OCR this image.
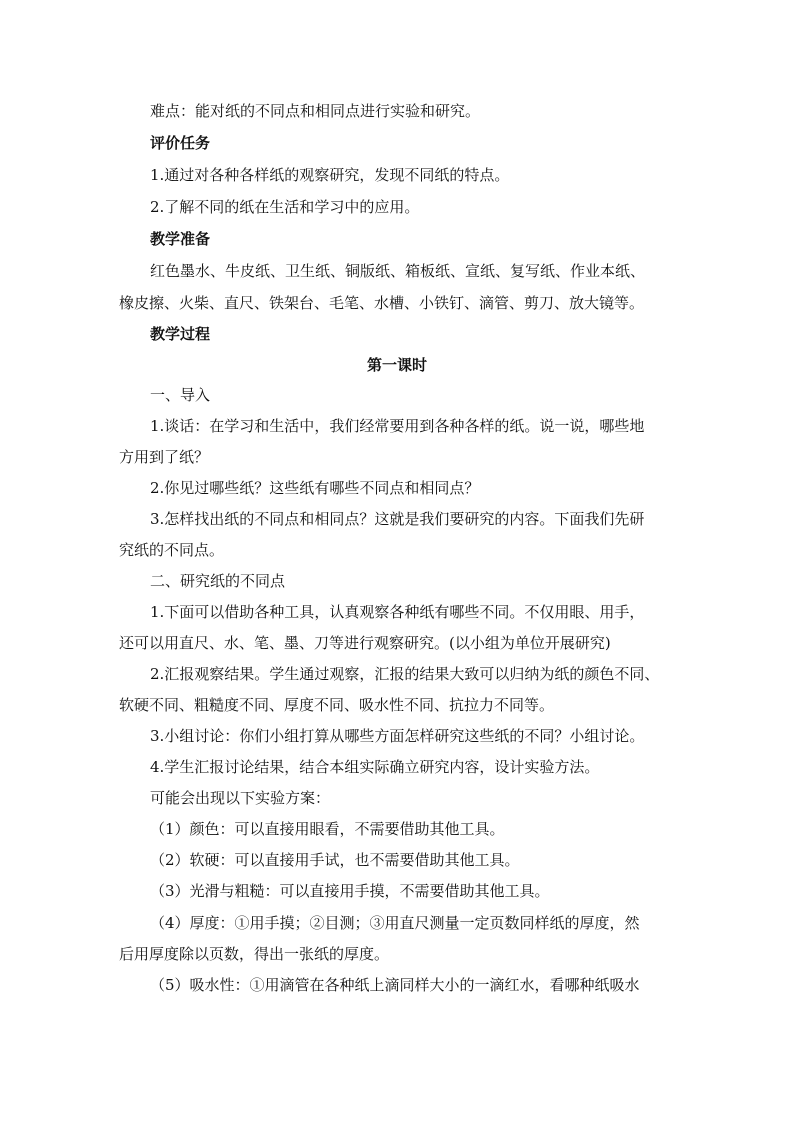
难点：能对纸的不同点和相同点进行实验和研究。
评价任务
1.通过对各种各样纸的观察研究，发现不同纸的特点。
2.了解不同的纸在生活和学习中的应用。
教学准备
红色墨水、牛皮纸、卫生纸、铜版纸、箱板纸、宣纸、复写纸、作业本纸、
橡皮擦、火柴、直尺、铁架台、毛笔、水槽、小铁钉、滴管、剪刀、放大镜等。
教学过程
第一课时
一、导入
1.谈话：在学习和生活中，我们经常要用到各种各样的纸。说一说，哪些地
方用到了纸？
2.你见过哪些纸？这些纸有哪些不同点和相同点？
3.怎样找出纸的不同点和相同点？这就是我们要研究的内容。下面我们先研
究纸的不同点。
二、研究纸的不同点
1.下面可以借助各种工具，认真观察各种纸有哪些不同。不仅用眼、用手，
还可以用直尺、水、笔、墨、刀等进行观察研究。(以小组为单位开展研究)
2.汇报观察结果。学生通过观察，汇报的结果大致可以归纳为纸的颜色不同、
软硬不同、粗糙度不同、厚度不同、吸水性不同、抗拉力不同等。
3.小组讨论：你们小组打算从哪些方面怎样研究这些纸的不同？小组讨论。
4.学生汇报讨论结果，结合本组实际确立研究内容，设计实验方法。
可能会出现以下实验方案：
（1）颜色：可以直接用眼看，不需要借助其他工具。
（2）软硬：可以直接用手试，也不需要借助其他工具。
（3）光滑与粗糙：可以直接用手摸，不需要借助其他工具。
（4）厚度：①用手摸；②目测；③用直尺测量一定页数同样纸的厚度，然
后用厚度除以页数，得出一张纸的厚度。
（5）吸水性：①用滴管在各种纸上滴同样大小的一滴红水，看哪种纸吸水
